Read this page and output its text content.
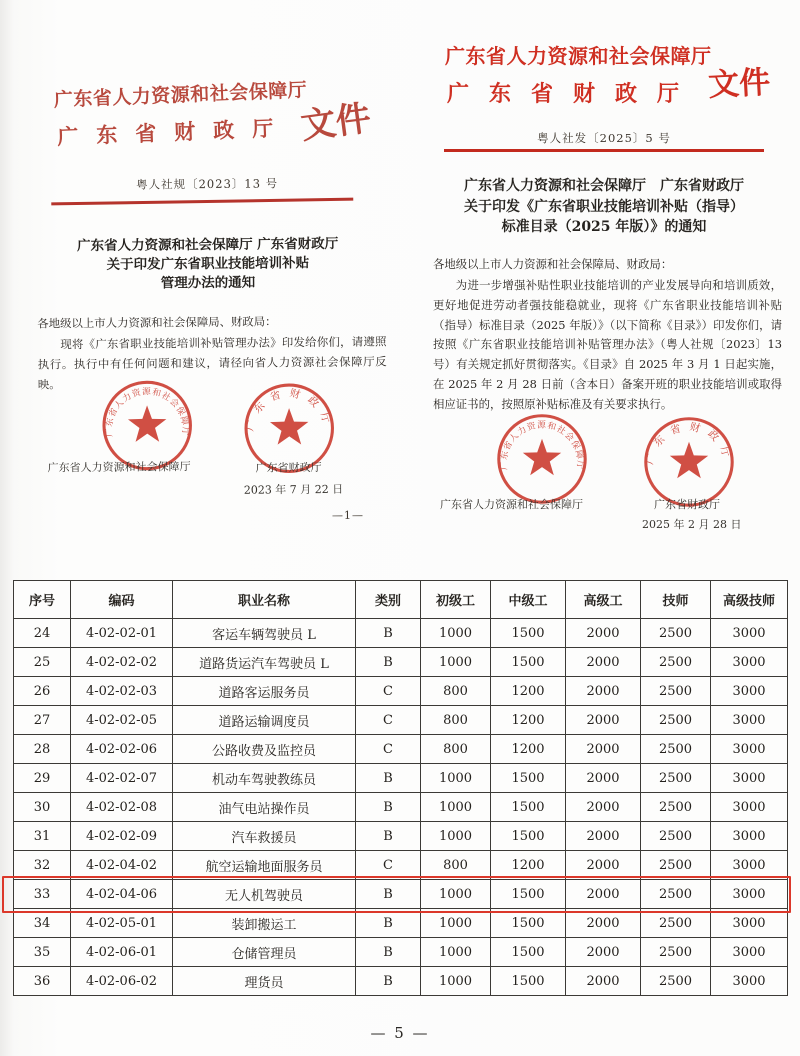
广东省人力资源和社会保障厅
广东省财政厅 文件
粤人社规〔2023〕13 号
广东省人力资源和社会保障厅 广东省财政厅
关于印发广东省职业技能培训补贴
管理办法的通知
各地级以上市人力资源和社会保障局、财政局：
现将《广东省职业技能培训补贴管理办法》印发给你们，请遵照执行。执行中有任何问题和建议，请径向省人力资源社会保障厅反映。
广东省人力资源和社会保障厅	广东省财政厅
广东省人力资源和社会保障厅	广东省财政厅
2023 年 7 月 22 日
—1—
广东省人力资源和社会保障厅
广东省财政厅 文件
粤人社发〔2025〕5 号
广东省人力资源和社会保障厅　广东省财政厅
关于印发《广东省职业技能培训补贴（指导）
标准目录（2025 年版）》的通知
各地级以上市人力资源和社会保障局、财政局：
为进一步增强补贴性职业技能培训的产业发展导向和培训质效，更好地促进劳动者强技能稳就业，现将《广东省职业技能培训补贴（指导）标准目录（2025 年版）》（以下简称《目录》）印发你们，请按照《广东省职业技能培训补贴管理办法》（粤人社规〔2023〕13 号）有关规定抓好贯彻落实。《目录》自 2025 年 3 月 1 日起实施，在 2025 年 2 月 28 日前（含本日）备案开班的职业技能培训或取得相应证书的，按照原补贴标准及有关要求执行。
广东省人力资源和社会保障厅	广东省财政厅
广东省人力资源和社会保障厅	广东省财政厅
2025 年 2 月 28 日
序号	编码	职业名称	类别	初级工	中级工	高级工	技师	高级技师
24	4-02-02-01	客运车辆驾驶员 L	B	1000	1500	2000	2500	3000
25	4-02-02-02	道路货运汽车驾驶员 L	B	1000	1500	2000	2500	3000
26	4-02-02-03	道路客运服务员	C	800	1200	2000	2500	3000
27	4-02-02-05	道路运输调度员	C	800	1200	2000	2500	3000
28	4-02-02-06	公路收费及监控员	C	800	1200	2000	2500	3000
29	4-02-02-07	机动车驾驶教练员	B	1000	1500	2000	2500	3000
30	4-02-02-08	油气电站操作员	B	1000	1500	2000	2500	3000
31	4-02-02-09	汽车救援员	B	1000	1500	2000	2500	3000
32	4-02-04-02	航空运输地面服务员	C	800	1200	2000	2500	3000
33	4-02-04-06	无人机驾驶员	B	1000	1500	2000	2500	3000
34	4-02-05-01	装卸搬运工	B	1000	1500	2000	2500	3000
35	4-02-06-01	仓储管理员	B	1000	1500	2000	2500	3000
36	4-02-06-02	理货员	B	1000	1500	2000	2500	3000
— 5 —
